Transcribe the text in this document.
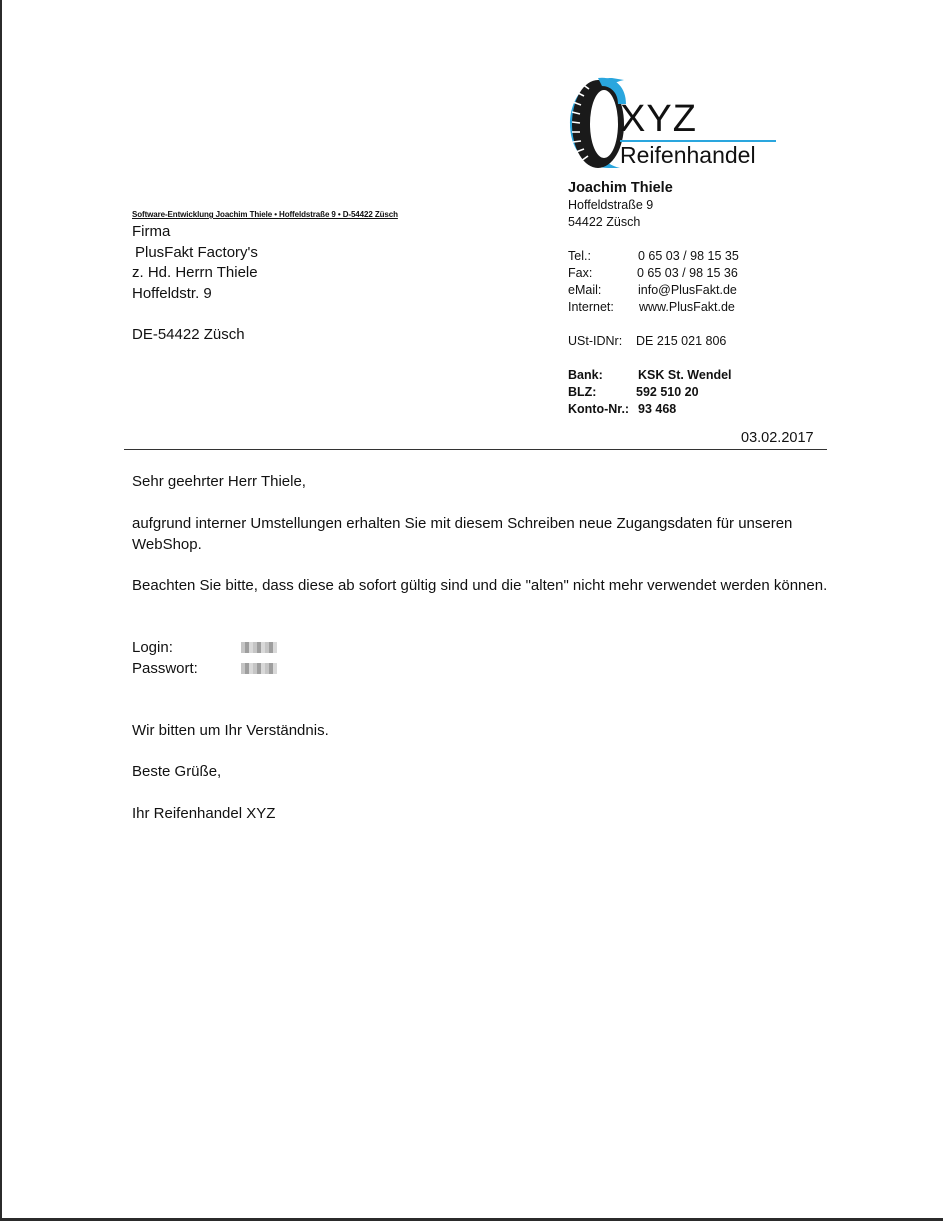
XYZ
Reifenhandel
Software-Entwicklung Joachim Thiele • Hoffeldstraße 9 • D-54422 Züsch
Firma
PlusFakt Factory's
z. Hd. Herrn Thiele
Hoffeldstr. 9
DE-54422 Züsch
Joachim Thiele
Hoffeldstraße 9
54422 Züsch
Tel.:	0 65 03 / 98 15 35
Fax:	0 65 03 / 98 15 36
eMail:	info@PlusFakt.de
Internet: www.PlusFakt.de
USt-IDNr: DE 215 021 806
Bank:	KSK St. Wendel
BLZ:	592 510 20
Konto-Nr.: 93 468
03.02.2017
Sehr geehrter Herr Thiele,
aufgrund interner Umstellungen erhalten Sie mit diesem Schreiben neue Zugangsdaten für unseren
WebShop.
Beachten Sie bitte, dass diese ab sofort gültig sind und die "alten" nicht mehr verwendet werden können.
Login:
Passwort:
Wir bitten um Ihr Verständnis.
Beste Grüße,
Ihr Reifenhandel XYZ
